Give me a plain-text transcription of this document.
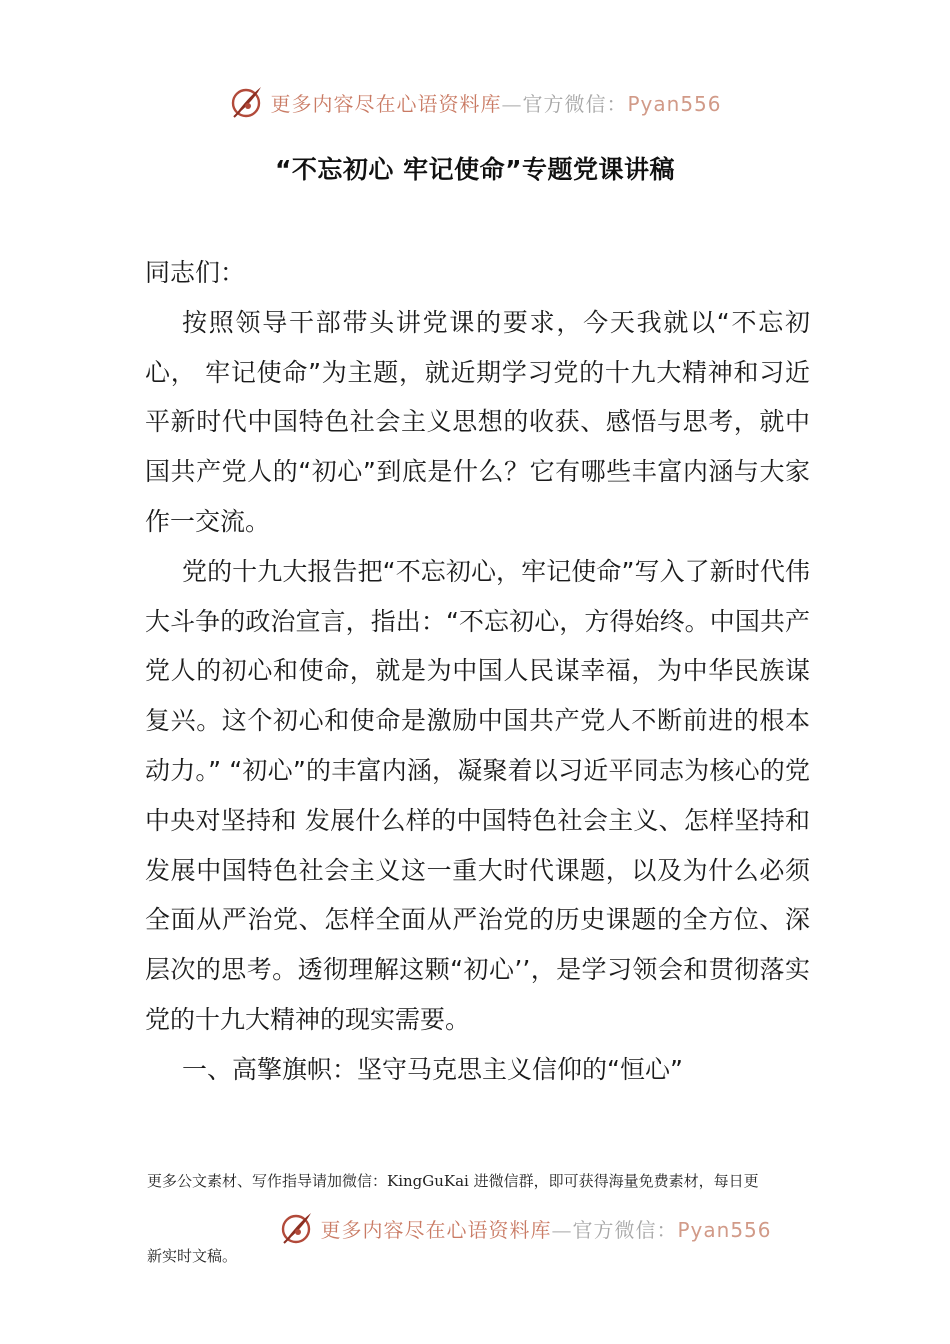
更多内容尽在心语资料库—官方微信：Pyan556
“不忘初心 牢记使命”专题党课讲稿

同志们：

按照领导干部带头讲党课的要求，今天我就以“不忘初心， 牢记使命”为主题，就近期学习党的十九大精神和习近平新时代中国特色社会主义思想的收获、感悟与思考，就中国共产党人的“初心”到底是什么？它有哪些丰富内涵与大家作一交流。

党的十九大报告把“不忘初心，牢记使命”写入了新时代伟大斗争的政治宣言，指出：“不忘初心，方得始终。中国共产党人的初心和使命，就是为中国人民谋幸福，为中华民族谋复兴。这个初心和使命是激励中国共产党人不断前进的根本动力。” “初心”的丰富内涵，凝聚着以习近平同志为核心的党中央对坚持和 发展什么样的中国特色社会主义、怎样坚持和发展中国特色社会主义这一重大时代课题，以及为什么必须全面从严治党、怎样全面从严治党的历史课题的全方位、深层次的思考。透彻理解这颗“初心’’，是学习领会和贯彻落实党的十九大精神的现实需要。

一、高擎旗帜：坚守马克思主义信仰的“恒心”

更多公文素材、写作指导请加微信：KingGuKai 进微信群，即可获得海量免费素材，每日更
更多内容尽在心语资料库—官方微信：Pyan556
新实时文稿。
